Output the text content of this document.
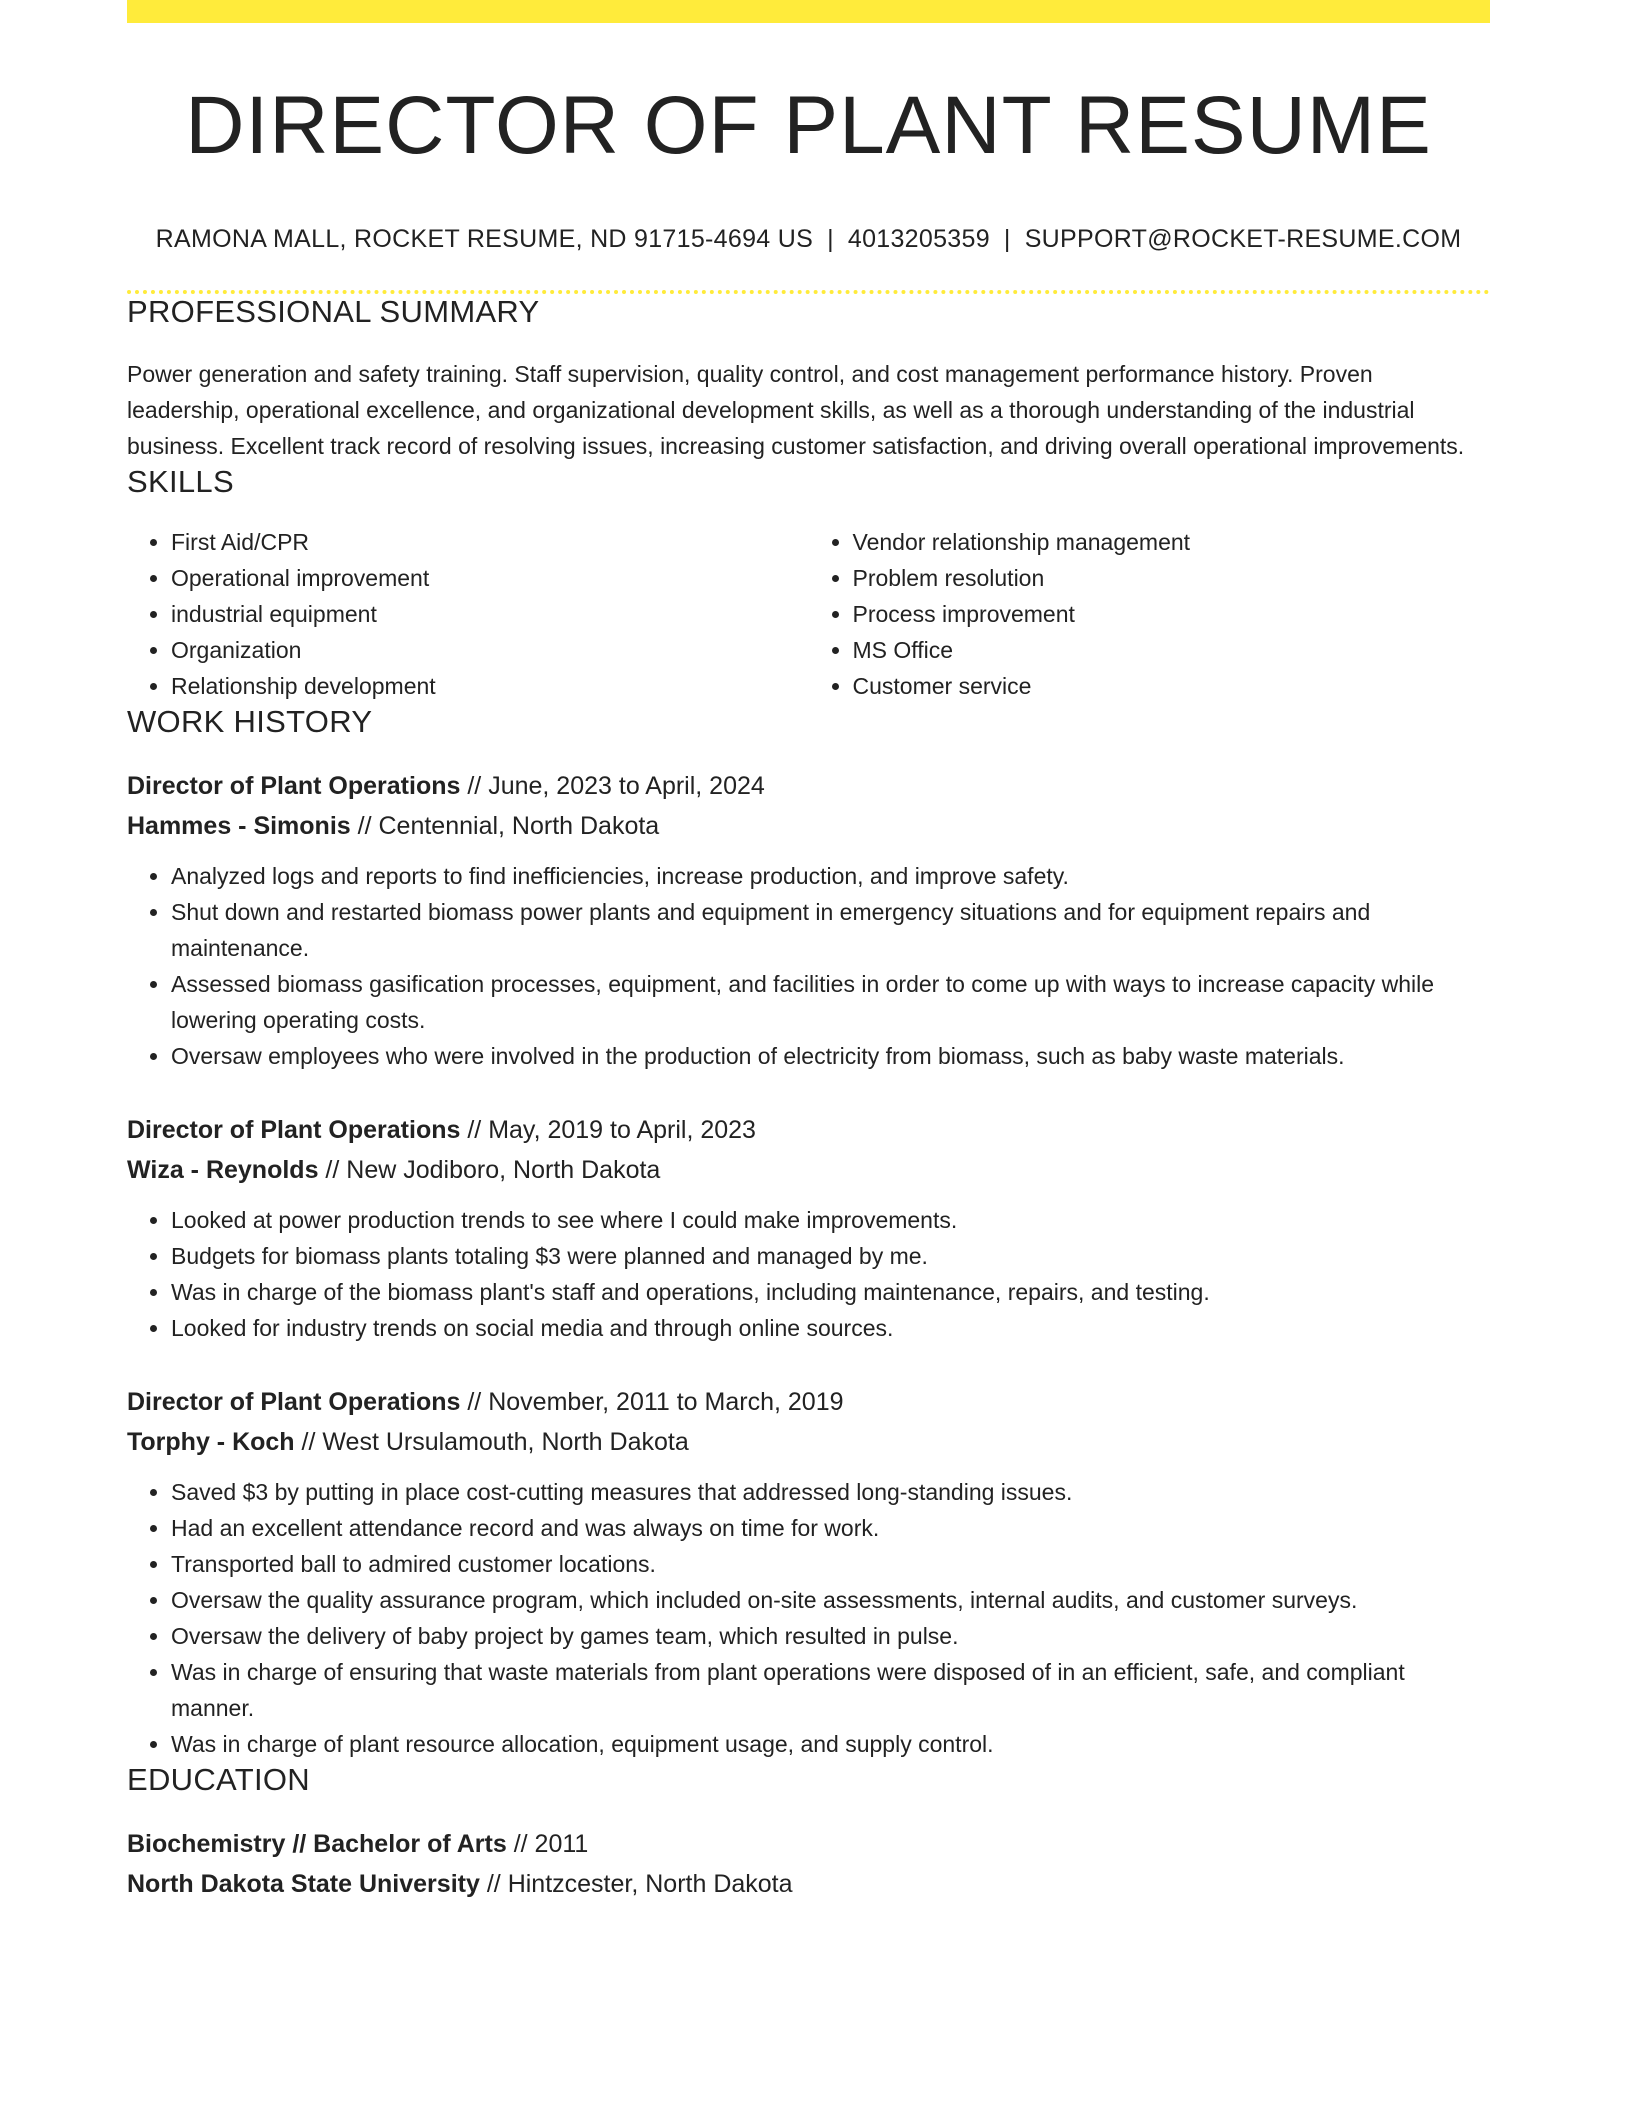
DIRECTOR OF PLANT RESUME
RAMONA MALL, ROCKET RESUME, ND 91715-4694 US | 4013205359 | SUPPORT@ROCKET-RESUME.COM
PROFESSIONAL SUMMARY
Power generation and safety training. Staff supervision, quality control, and cost management performance history. Proven leadership, operational excellence, and organizational development skills, as well as a thorough understanding of the industrial business. Excellent track record of resolving issues, increasing customer satisfaction, and driving overall operational improvements.
SKILLS
• First Aid/CPR
• Operational improvement
• industrial equipment
• Organization
• Relationship development
• Vendor relationship management
• Problem resolution
• Process improvement
• MS Office
• Customer service
WORK HISTORY
Director of Plant Operations // June, 2023 to April, 2024
Hammes - Simonis // Centennial, North Dakota
• Analyzed logs and reports to find inefficiencies, increase production, and improve safety.
• Shut down and restarted biomass power plants and equipment in emergency situations and for equipment repairs and maintenance.
• Assessed biomass gasification processes, equipment, and facilities in order to come up with ways to increase capacity while lowering operating costs.
• Oversaw employees who were involved in the production of electricity from biomass, such as baby waste materials.
Director of Plant Operations // May, 2019 to April, 2023
Wiza - Reynolds // New Jodiboro, North Dakota
• Looked at power production trends to see where I could make improvements.
• Budgets for biomass plants totaling $3 were planned and managed by me.
• Was in charge of the biomass plant's staff and operations, including maintenance, repairs, and testing.
• Looked for industry trends on social media and through online sources.
Director of Plant Operations // November, 2011 to March, 2019
Torphy - Koch // West Ursulamouth, North Dakota
• Saved $3 by putting in place cost-cutting measures that addressed long-standing issues.
• Had an excellent attendance record and was always on time for work.
• Transported ball to admired customer locations.
• Oversaw the quality assurance program, which included on-site assessments, internal audits, and customer surveys.
• Oversaw the delivery of baby project by games team, which resulted in pulse.
• Was in charge of ensuring that waste materials from plant operations were disposed of in an efficient, safe, and compliant manner.
• Was in charge of plant resource allocation, equipment usage, and supply control.
EDUCATION
Biochemistry // Bachelor of Arts // 2011
North Dakota State University // Hintzcester, North Dakota
